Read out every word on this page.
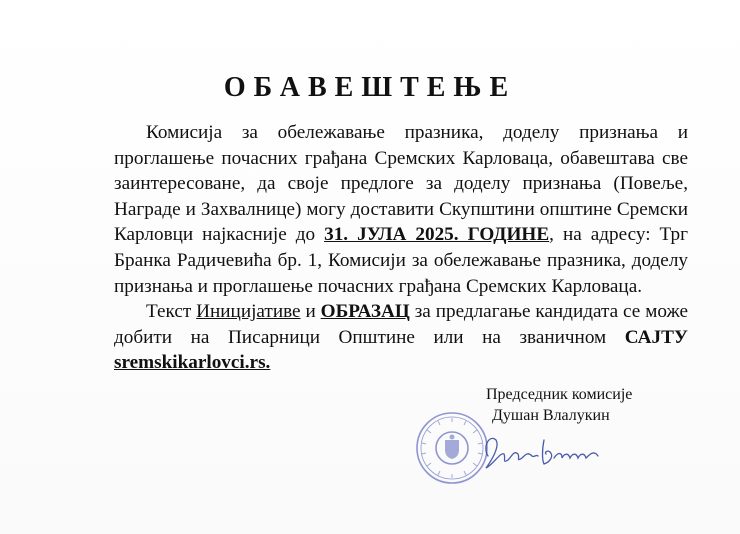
ОБАВЕШТЕЊЕ

Комисија за обележавање празника, доделу признања и проглашење почасних грађана Сремских Карловаца, обавештава све заинтересоване, да своје предлоге за доделу признања (Повеље, Награде и Захвалнице) могу доставити Скупштини општине Сремски Карловци најкасније до 31. ЈУЛА 2025. ГОДИНЕ, на адресу: Трг Бранка Радичевића бр. 1, Комисији за обележавање празника, доделу признања и проглашење почасних грађана Сремских Карловаца.

Текст Иницијативе и ОБРАЗАЦ за предлагање кандидата се може добити на Писарници Општине или на званичном САЈТУ sremskikarlovci.rs.

Председник комисије
Душан Влалукин
